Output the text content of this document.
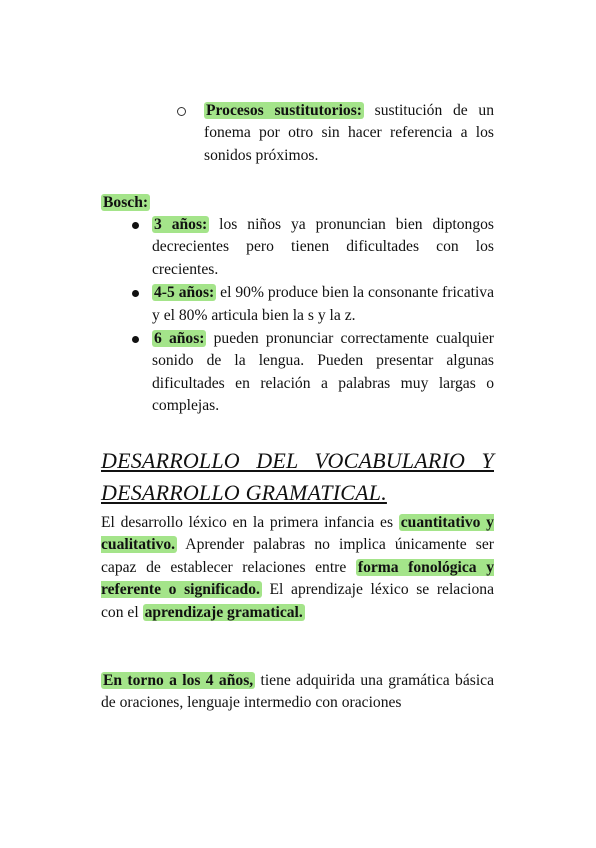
Procesos sustitutorios: sustitución de un fonema por otro sin hacer referencia a los sonidos próximos.
Bosch:
3 años: los niños ya pronuncian bien diptongos decrecientes pero tienen dificultades con los crecientes.
4-5 años: el 90% produce bien la consonante fricativa y el 80% articula bien la s y la z.
6 años: pueden pronunciar correctamente cualquier sonido de la lengua. Pueden presentar algunas dificultades en relación a palabras muy largas o complejas.
DESARROLLO DEL VOCABULARIO Y DESARROLLO GRAMATICAL.
El desarrollo léxico en la primera infancia es cuantitativo y cualitativo. Aprender palabras no implica únicamente ser capaz de establecer relaciones entre forma fonológica y referente o significado. El aprendizaje léxico se relaciona con el aprendizaje gramatical.
En torno a los 4 años, tiene adquirida una gramática básica de oraciones, lenguaje intermedio con oraciones
